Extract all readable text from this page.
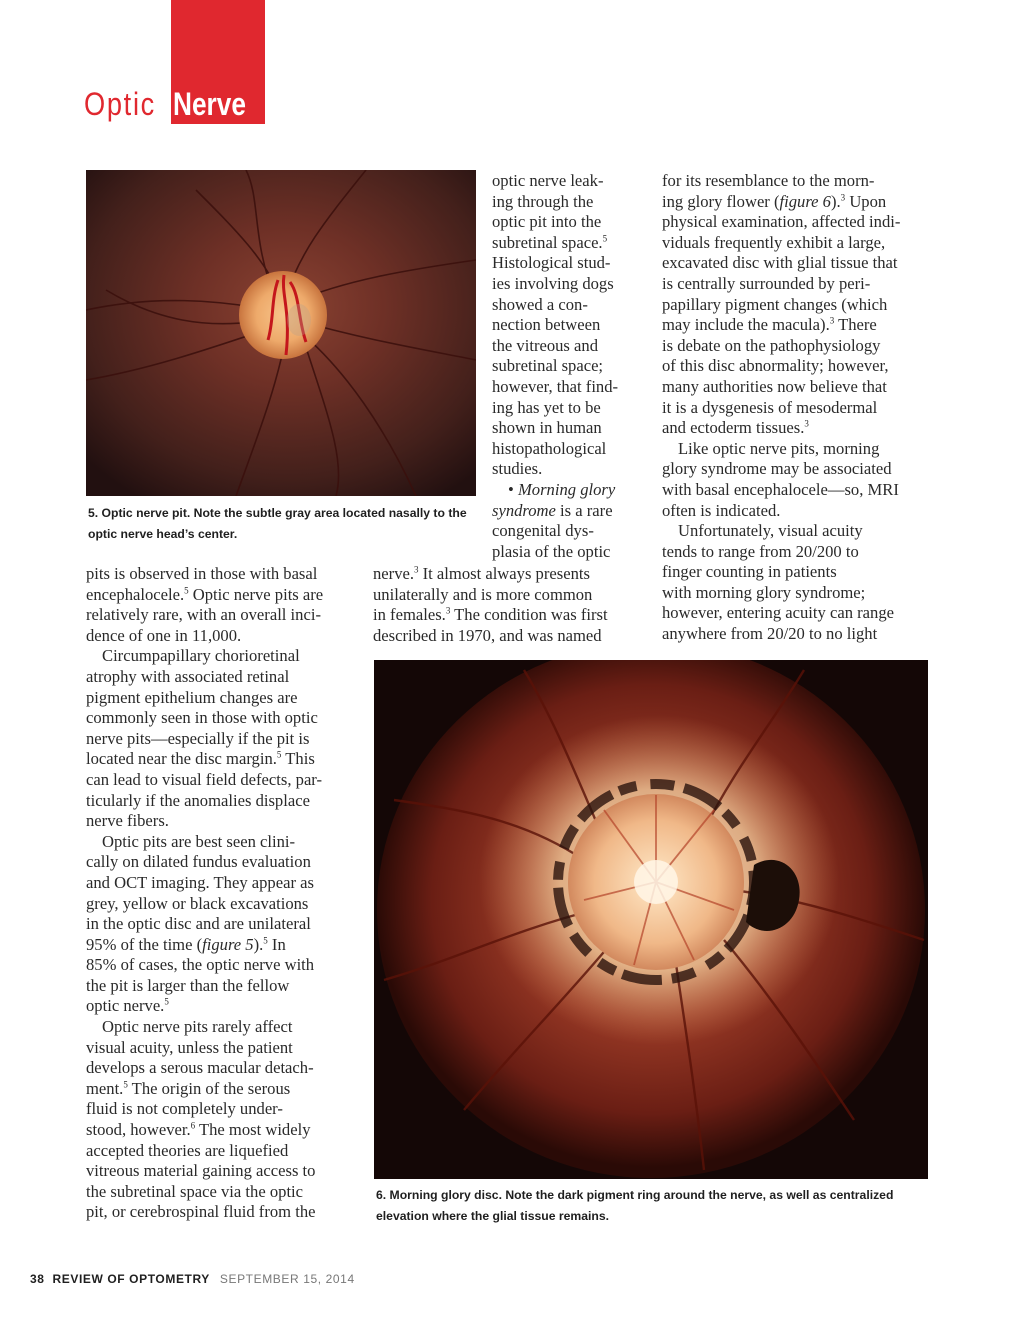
Optic Nerve
5. Optic nerve pit. Note the subtle gray area located nasally to the optic nerve head’s center.
6. Morning glory disc. Note the dark pigment ring around the nerve, as well as centralized elevation where the glial tissue remains.

optic nerve leak-

ing through the

optic pit into the

subretinal space.$^5$

Histological stud-

ies involving dogs

showed a con-

nection between

the vitreous and

subretinal space;

however, that find-

ing has yet to be

shown in human

histopathological

studies.

• Morning glory

syndrome is a rare

congenital dys-

plasia of the optic

for its resemblance to the morn-

ing glory flower (figure 6).$^3$ Upon

physical examination, affected indi-

viduals frequently exhibit a large,

excavated disc with glial tissue that

is centrally surrounded by peri-

papillary pigment changes (which

may include the macula).$^3$ There

is debate on the pathophysiology

of this disc abnormality; however,

many authorities now believe that

it is a dysgenesis of mesodermal

and ectoderm tissues.$^3$

Like optic nerve pits, morning

glory syndrome may be associated

with basal encephalocele—so, MRI

often is indicated.

Unfortunately, visual acuity

tends to range from 20/200 to

finger counting in patients

with morning glory syndrome;

however, entering acuity can range

anywhere from 20/20 to no light

pits is observed in those with basal

encephalocele.$^5$ Optic nerve pits are

relatively rare, with an overall inci-

dence of one in 11,000.

Circumpapillary chorioretinal

atrophy with associated retinal

pigment epithelium changes are

commonly seen in those with optic

nerve pits—especially if the pit is

located near the disc margin.$^5$ This

can lead to visual field defects, par-

ticularly if the anomalies displace

nerve fibers.

Optic pits are best seen clini-

cally on dilated fundus evaluation

and OCT imaging. They appear as

grey, yellow or black excavations

in the optic disc and are unilateral

95% of the time (figure 5).$^5$ In

85% of cases, the optic nerve with

the pit is larger than the fellow

optic nerve.$^5$

Optic nerve pits rarely affect

visual acuity, unless the patient

develops a serous macular detach-

ment.$^5$ The origin of the serous

fluid is not completely under-

stood, however.$^6$ The most widely

accepted theories are liquefied

vitreous material gaining access to

the subretinal space via the optic

pit, or cerebrospinal fluid from the

nerve.$^3$ It almost always presents

unilaterally and is more common

in females.$^3$ The condition was first

described in 1970, and was named

38 REVIEW OF OPTOMETRY SEPTEMBER 15, 2014
